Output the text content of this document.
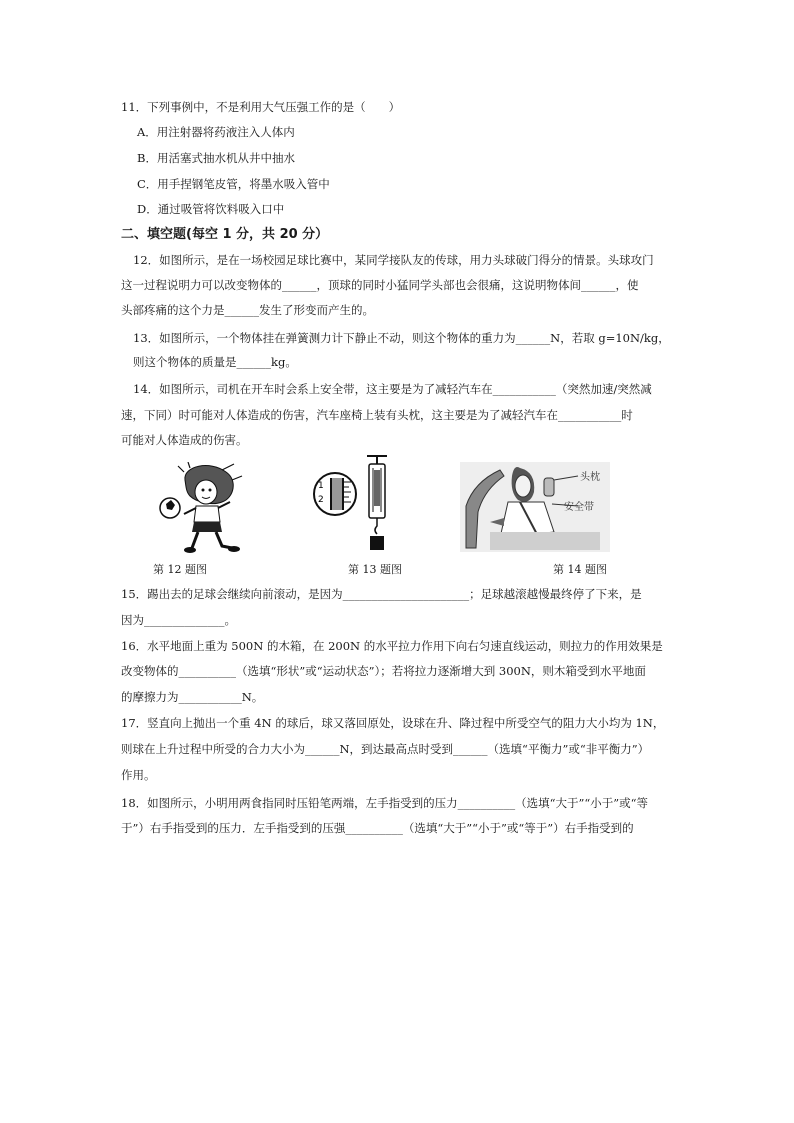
11．下列事例中，不是利用大气压强工作的是（　　）
A．用注射器将药液注入人体内
B．用活塞式抽水机从井中抽水
C．用手捏钢笔皮管，将墨水吸入管中
D．通过吸管将饮料吸入口中
二、填空题(每空 1 分，共 20 分）
12．如图所示，是在一场校园足球比赛中，某同学接队友的传球，用力头球破门得分的情景。头球攻门
这一过程说明力可以改变物体的______，顶球的同时小猛同学头部也会很痛，这说明物体间______，使
头部疼痛的这个力是______发生了形变而产生的。
13．如图所示，一个物体挂在弹簧测力计下静止不动，则这个物体的重力为______N，若取 g=10N/kg，
则这个物体的质量是______kg。
14．如图所示，司机在开车时会系上安全带，这主要是为了减轻汽车在___________（突然加速/突然减
速，下同）时可能对人体造成的伤害，汽车座椅上装有头枕，这主要是为了减轻汽车在___________时
可能对人体造成的伤害。
1
2
头枕
安全带
第 12 题图	第 13 题图	第 14 题图
15．踢出去的足球会继续向前滚动，是因为______________________；足球越滚越慢最终停了下来，是
因为______________。
16．水平地面上重为 500N 的木箱，在 200N 的水平拉力作用下向右匀速直线运动，则拉力的作用效果是
改变物体的__________（选填“形状”或“运动状态”）；若将拉力逐渐增大到 300N，则木箱受到水平地面
的摩擦力为___________N。
17．竖直向上抛出一个重 4N 的球后，球又落回原处，设球在升、降过程中所受空气的阻力大小均为 1N，
则球在上升过程中所受的合力大小为______N，到达最高点时受到______（选填“平衡力”或“非平衡力”）
作用。
18．如图所示，小明用两食指同时压铅笔两端，左手指受到的压力__________（选填“大于”“小于”或“等
于”）右手指受到的压力．左手指受到的压强__________（选填“大于”“小于”或“等于”）右手指受到的
